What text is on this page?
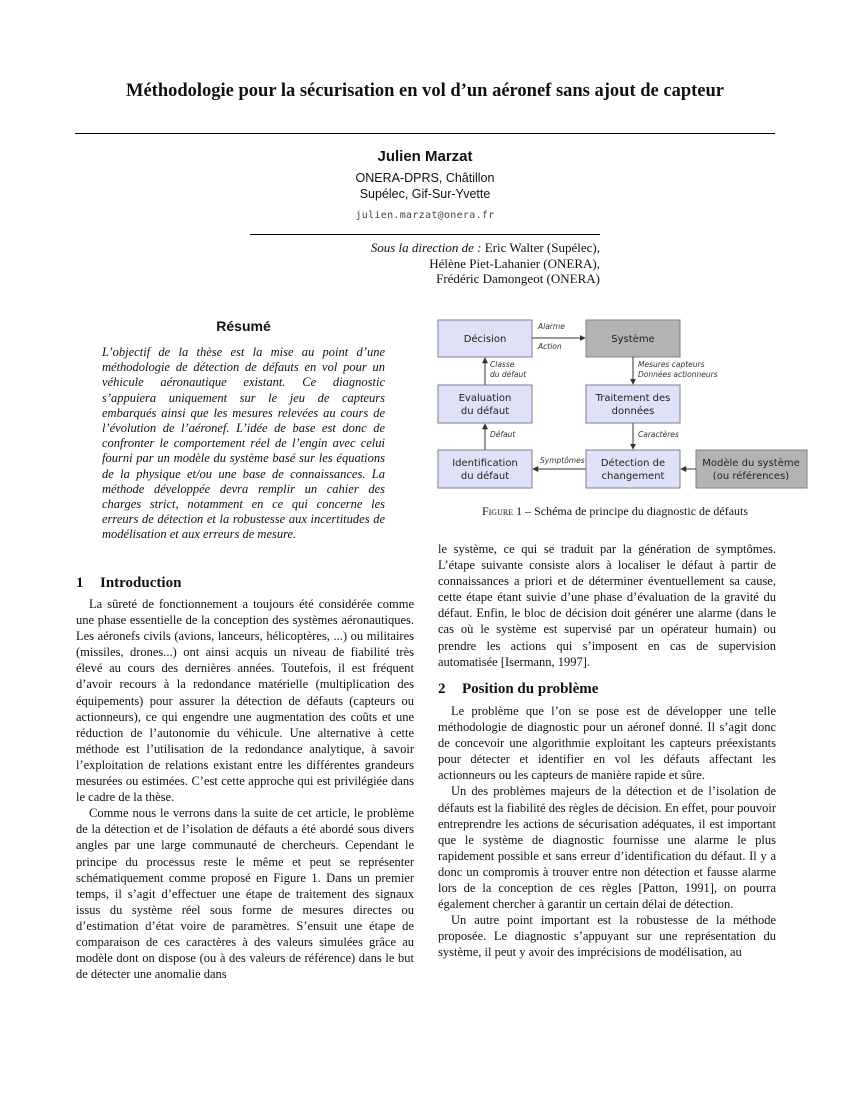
Méthodologie pour la sécurisation en vol d’un aéronef sans ajout de capteur
Julien Marzat
ONERA-DPRS, Châtillon
Supélec, Gif-Sur-Yvette
julien.marzat@onera.fr
Sous la direction de : Eric Walter (Supélec),
Hélène Piet-Lahanier (ONERA),
Frédéric Damongeot (ONERA)
Résumé
L’objectif de la thèse est la mise au point d’une méthodologie de détection de défauts en vol pour un véhicule aéronautique existant. Ce diagnostic s’appuiera uniquement sur le jeu de capteurs embarqués ainsi que les mesures relevées au cours de l’évolution de l’aéronef. L’idée de base est donc de confronter le comportement réel de l’engin avec celui fourni par un modèle du système basé sur les équations de la physique et/ou une base de connaissances. La méthode développée devra remplir un cahier des charges strict, notamment en ce qui concerne les erreurs de détection et la robustesse aux incertitudes de modélisation et aux erreurs de mesure.
1 Introduction

La sûreté de fonctionnement a toujours été considérée comme une phase essentielle de la conception des systèmes aéronautiques. Les aéronefs civils (avions, lanceurs, hélicoptères, ...) ou militaires (missiles, drones...) ont ainsi acquis un niveau de fiabilité très élevé au cours des dernières années. Toutefois, il est fréquent d’avoir recours à la redondance matérielle (multiplication des équipements) pour assurer la détection de défauts (capteurs ou actionneurs), ce qui engendre une augmentation des coûts et une réduction de l’autonomie du véhicule. Une alternative à cette méthode est l’utilisation de la redondance analytique, à savoir l’exploitation de relations existant entre les différentes grandeurs mesurées ou estimées. C’est cette approche qui est privilégiée dans le cadre de la thèse.

Comme nous le verrons dans la suite de cet article, le problème de la détection et de l’isolation de défauts a été abordé sous divers angles par une large communauté de chercheurs. Cependant le principe du processus reste le même et peut se représenter schématiquement comme proposé en Figure 1. Dans un premier temps, il s’agit d’effectuer une étape de traitement des signaux issus du système réel sous forme de mesures directes ou d’estimation d’état voire de paramètres. S’ensuit une étape de comparaison de ces caractères à des valeurs simulées grâce au modèle dont on dispose (ou à des valeurs de référence) dans le but de détecter une anomalie dans

Décision	Système
Evaluation
du défaut
Traitement des
données
Identification
du défaut
Détection de
changement
Modèle du système
(ou références)
Alarme
Action
Classe
du défaut
Mesures capteurs
Données actionneurs
Défaut	Caractères
Symptômes
Figure 1 – Schéma de principe du diagnostic de défauts

le système, ce qui se traduit par la génération de symptômes. L’étape suivante consiste alors à localiser le défaut à partir de connaissances a priori et de déterminer éventuellement sa cause, cette étape étant suivie d’une phase d’évaluation de la gravité du défaut. Enfin, le bloc de décision doit générer une alarme (dans le cas où le système est supervisé par un opérateur humain) ou prendre les actions qui s’imposent en cas de supervision automatisée [Isermann, 1997].

2 Position du problème

Le problème que l’on se pose est de développer une telle méthodologie de diagnostic pour un aéronef donné. Il s’agit donc de concevoir une algorithmie exploitant les capteurs préexistants pour détecter et identifier en vol les défauts affectant les actionneurs ou les capteurs de manière rapide et sûre.

Un des problèmes majeurs de la détection et de l’isolation de défauts est la fiabilité des règles de décision. En effet, pour pouvoir entreprendre les actions de sécurisation adéquates, il est important que le système de diagnostic fournisse une alarme le plus rapidement possible et sans erreur d’identification du défaut. Il y a donc un compromis à trouver entre non détection et fausse alarme lors de la conception de ces règles [Patton, 1991], on pourra également chercher à garantir un certain délai de détection.

Un autre point important est la robustesse de la méthode proposée. Le diagnostic s’appuyant sur une représentation du système, il peut y avoir des imprécisions de modélisation, au
